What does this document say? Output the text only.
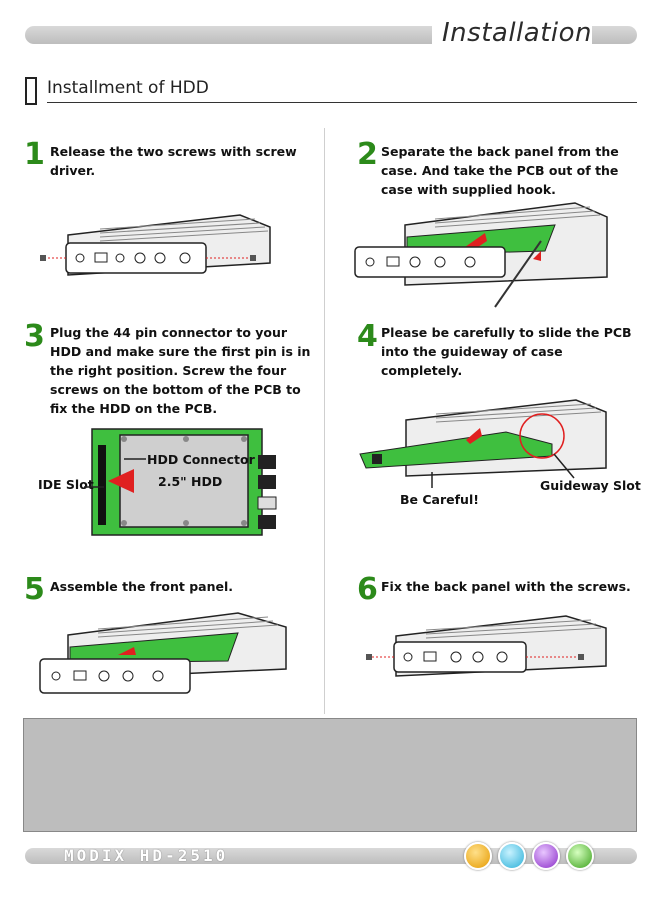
Installation
Installment of HDD
1 Release the two screws with screw driver.	2 Separate the back panel from the case. And take the PCB out of the case with supplied hook.
3 Plug the 44 pin connector to your HDD and make sure the first pin is in the right position. Screw the four screws on the bottom of the PCB to fix the HDD on the PCB.
HDD Connector
2.5" HDD
IDE Slot
4 Please be carefully to slide the PCB into the guideway of case completely.
Be Careful!
Guideway Slot
5 Assemble the front panel.	6 Fix the back panel with the screws.
MODIX HD-2510
